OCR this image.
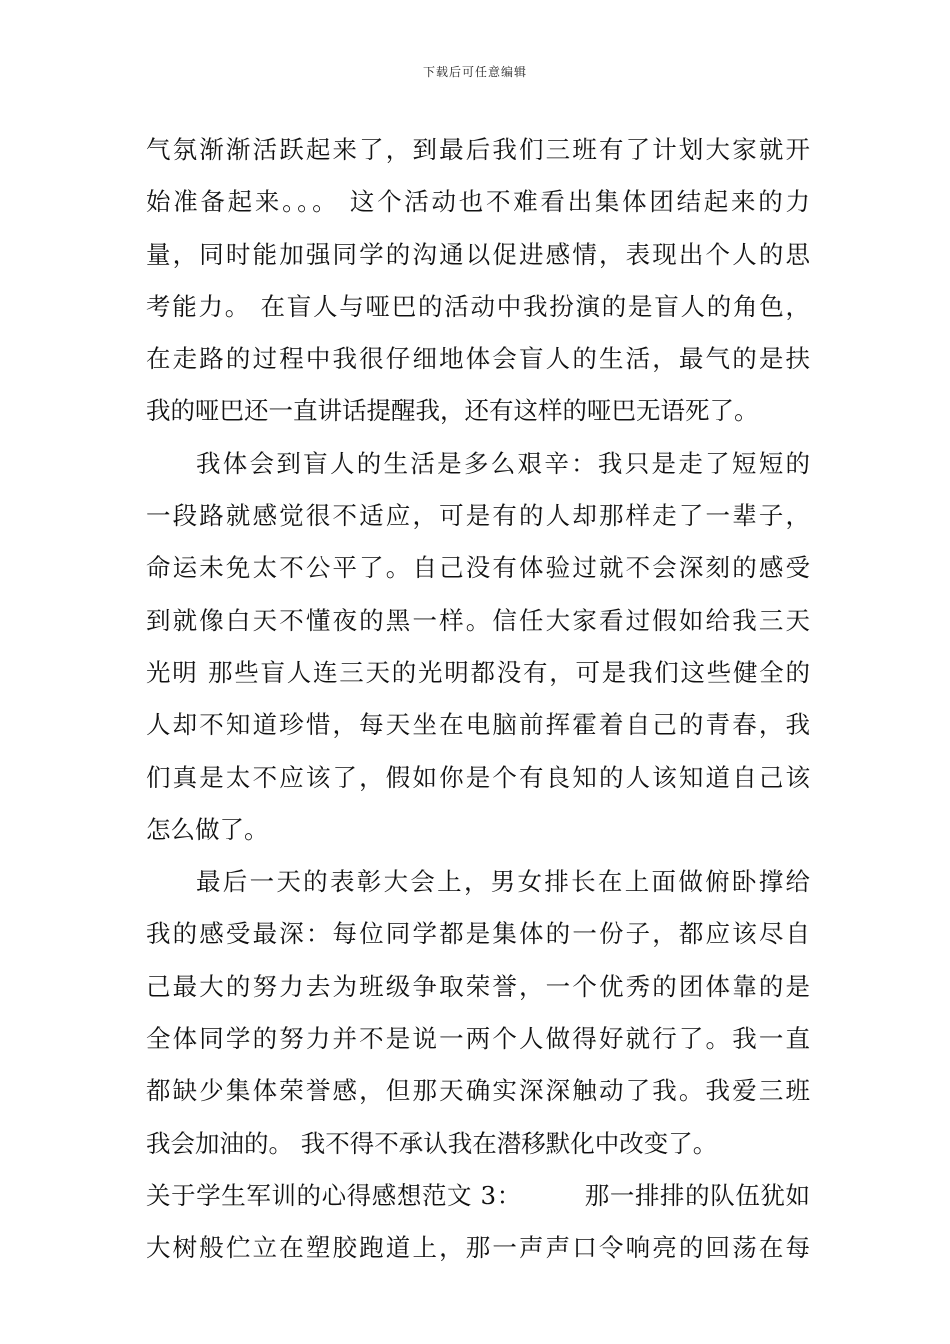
下载后可任意编辑
气氛渐渐活跃起来了，到最后我们三班有了计划大家就开
始准备起来。。。 这个活动也不难看出集体团结起来的力
量，同时能加强同学的沟通以促进感情，表现出个人的思
考能力。 在盲人与哑巴的活动中我扮演的是盲人的角色，
在走路的过程中我很仔细地体会盲人的生活，最气的是扶
我的哑巴还一直讲话提醒我，还有这样的哑巴无语死了。
我体会到盲人的生活是多么艰辛：我只是走了短短的
一段路就感觉很不适应，可是有的人却那样走了一辈子，
命运未免太不公平了。自己没有体验过就不会深刻的感受
到就像白天不懂夜的黑一样。信任大家看过假如给我三天
光明 那些盲人连三天的光明都没有，可是我们这些健全的
人却不知道珍惜，每天坐在电脑前挥霍着自己的青春，我
们真是太不应该了，假如你是个有良知的人该知道自己该
怎么做了。
最后一天的表彰大会上，男女排长在上面做俯卧撑给
我的感受最深：每位同学都是集体的一份子，都应该尽自
己最大的努力去为班级争取荣誉，一个优秀的团体靠的是
全体同学的努力并不是说一两个人做得好就行了。我一直
都缺少集体荣誉感，但那天确实深深触动了我。我爱三班
我会加油的。 我不得不承认我在潜移默化中改变了。
关于学生军训的心得感想范文 3：　　　那一排排的队伍犹如
大树般伫立在塑胶跑道上，那一声声口令响亮的回荡在每
